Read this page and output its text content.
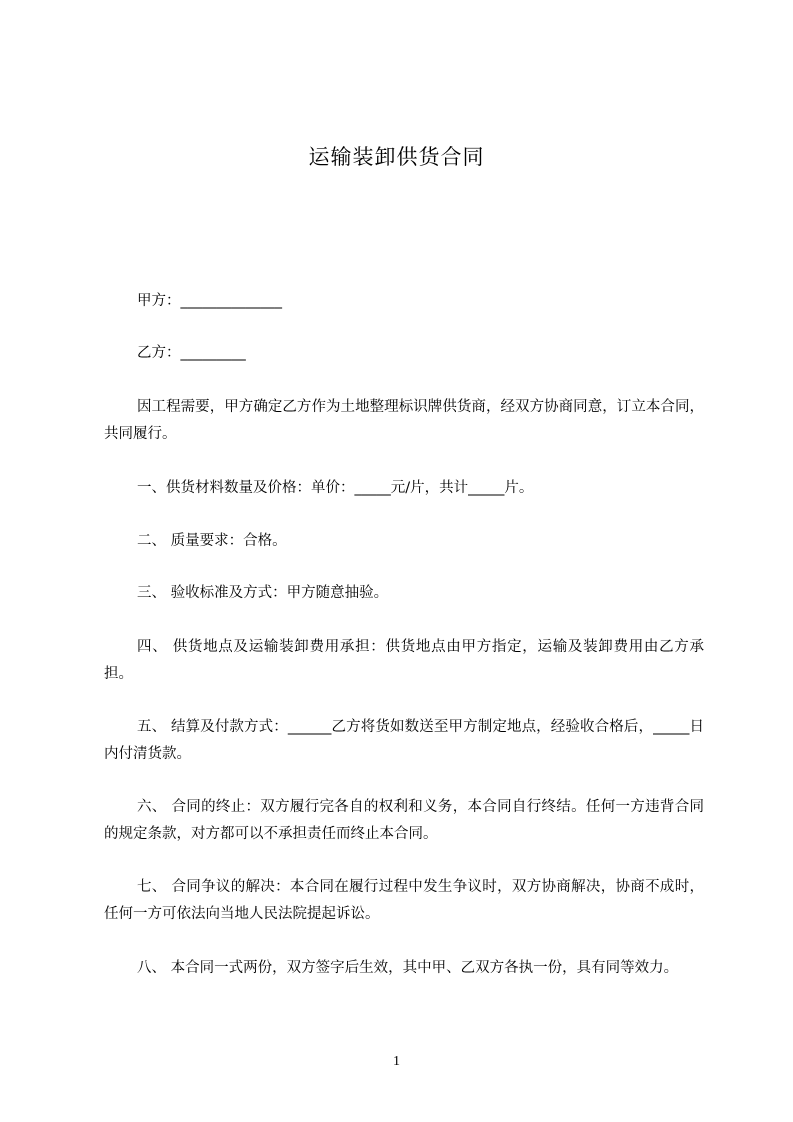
运输装卸供货合同
甲方：______________
乙方：_________
因工程需要，甲方确定乙方作为土地整理标识牌供货商，经双方协商同意，订立本合同，共同履行。
一、供货材料数量及价格：单价：_____元/片，共计_____片。
二、 质量要求：合格。
三、 验收标准及方式：甲方随意抽验。
四、 供货地点及运输装卸费用承担：供货地点由甲方指定，运输及装卸费用由乙方承担。
五、 结算及付款方式：______乙方将货如数送至甲方制定地点，经验收合格后，_____日内付清货款。
六、 合同的终止：双方履行完各自的权利和义务，本合同自行终结。任何一方违背合同的规定条款，对方都可以不承担责任而终止本合同。
七、 合同争议的解决：本合同在履行过程中发生争议时，双方协商解决，协商不成时，任何一方可依法向当地人民法院提起诉讼。
八、 本合同一式两份，双方签字后生效，其中甲、乙双方各执一份，具有同等效力。
1
